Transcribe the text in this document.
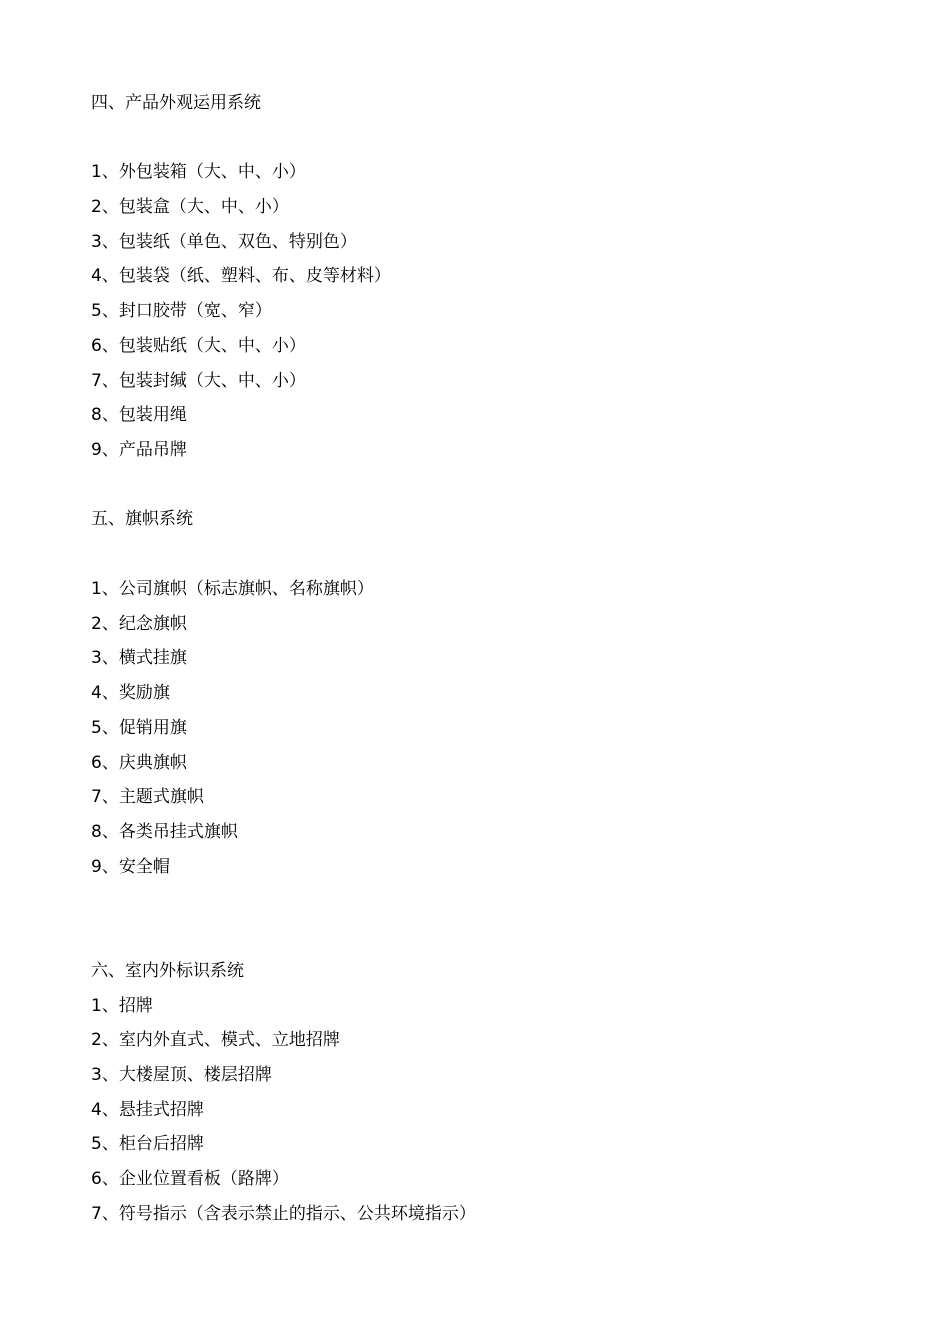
四、产品外观运用系统
1、外包装箱（大、中、小）
2、包装盒（大、中、小）
3、包装纸（单色、双色、特别色）
4、包装袋（纸、塑料、布、皮等材料）
5、封口胶带（宽、窄）
6、包装贴纸（大、中、小）
7、包装封缄（大、中、小）
8、包装用绳
9、产品吊牌
五、旗帜系统
1、公司旗帜（标志旗帜、名称旗帜）
2、纪念旗帜
3、横式挂旗
4、奖励旗
5、促销用旗
6、庆典旗帜
7、主题式旗帜
8、各类吊挂式旗帜
9、安全帽
六、室内外标识系统
1、招牌
2、室内外直式、模式、立地招牌
3、大楼屋顶、楼层招牌
4、悬挂式招牌
5、柜台后招牌
6、企业位置看板（路牌）
7、符号指示（含表示禁止的指示、公共环境指示）
